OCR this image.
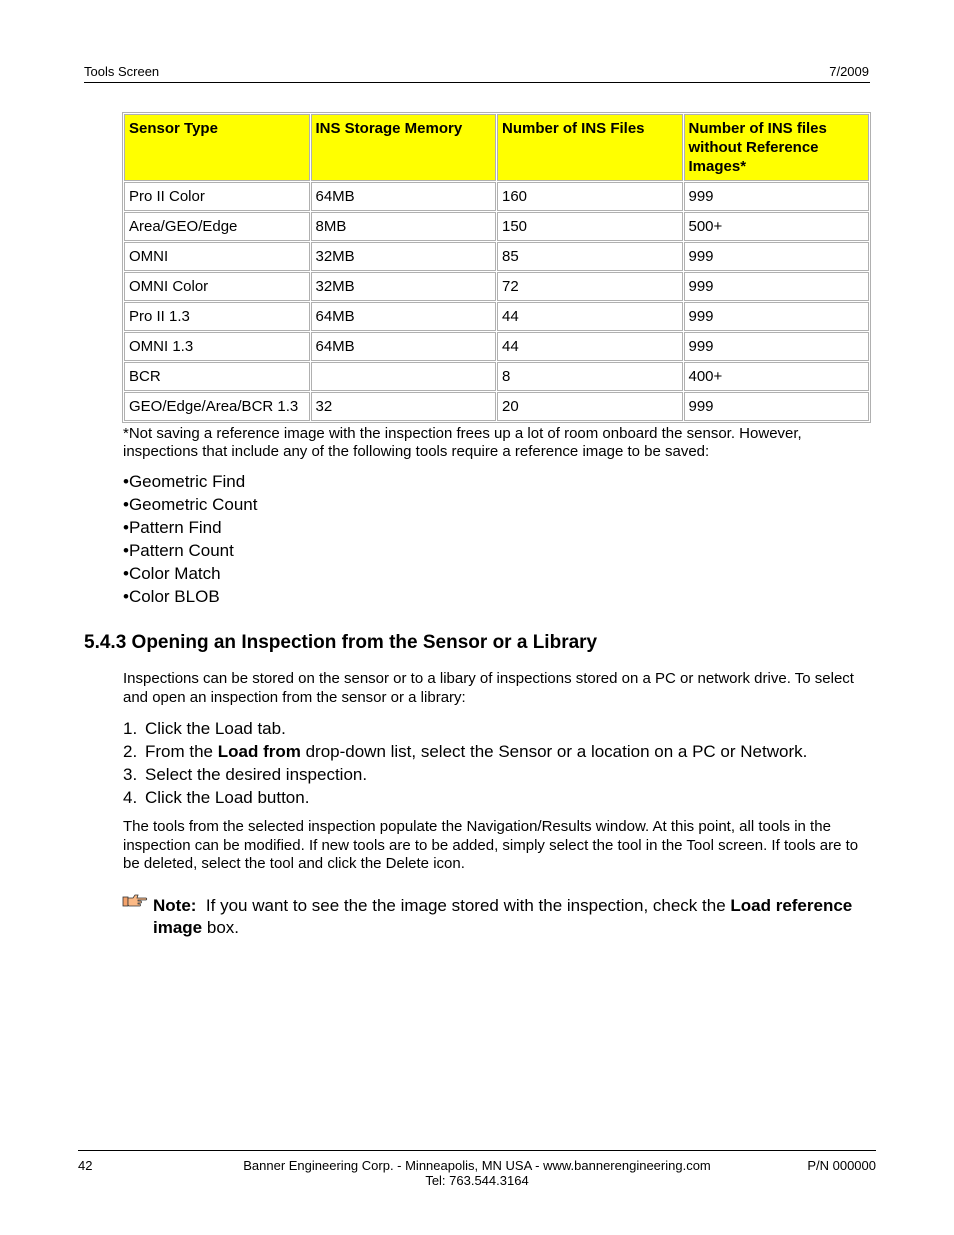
Tools Screen	7/2009
Sensor Type	INS Storage Memory	Number of INS Files	Number of INS files without Reference Images*
Pro II Color	64MB	160	999
Area/GEO/Edge	8MB	150	500+
OMNI	32MB	85	999
OMNI Color	32MB	72	999
Pro II 1.3	64MB	44	999
OMNI 1.3	64MB	44	999
BCR		8	400+
GEO/Edge/Area/BCR 1.3	32	20	999
*Not saving a reference image with the inspection frees up a lot of room onboard the sensor. However, inspections that include any of the following tools require a reference image to be saved:
• Geometric Find
• Geometric Count
• Pattern Find
• Pattern Count
• Color Match
• Color BLOB
5.4.3 Opening an Inspection from the Sensor or a Library
Inspections can be stored on the sensor or to a libary of inspections stored on a PC or network drive. To select and open an inspection from the sensor or a library:
1. Click the Load tab.
2. From the Load from drop-down list, select the Sensor or a location on a PC or Network.
3. Select the desired inspection.
4. Click the Load button.
The tools from the selected inspection populate the Navigation/Results window. At this point, all tools in the inspection can be modified. If new tools are to be added, simply select the tool in the Tool screen. If tools are to be deleted, select the tool and click the Delete icon.
Note: If you want to see the the image stored with the inspection, check the Load reference image box.
42	Banner Engineering Corp. - Minneapolis, MN USA - www.bannerengineering.com
Tel: 763.544.3164
P/N 000000
